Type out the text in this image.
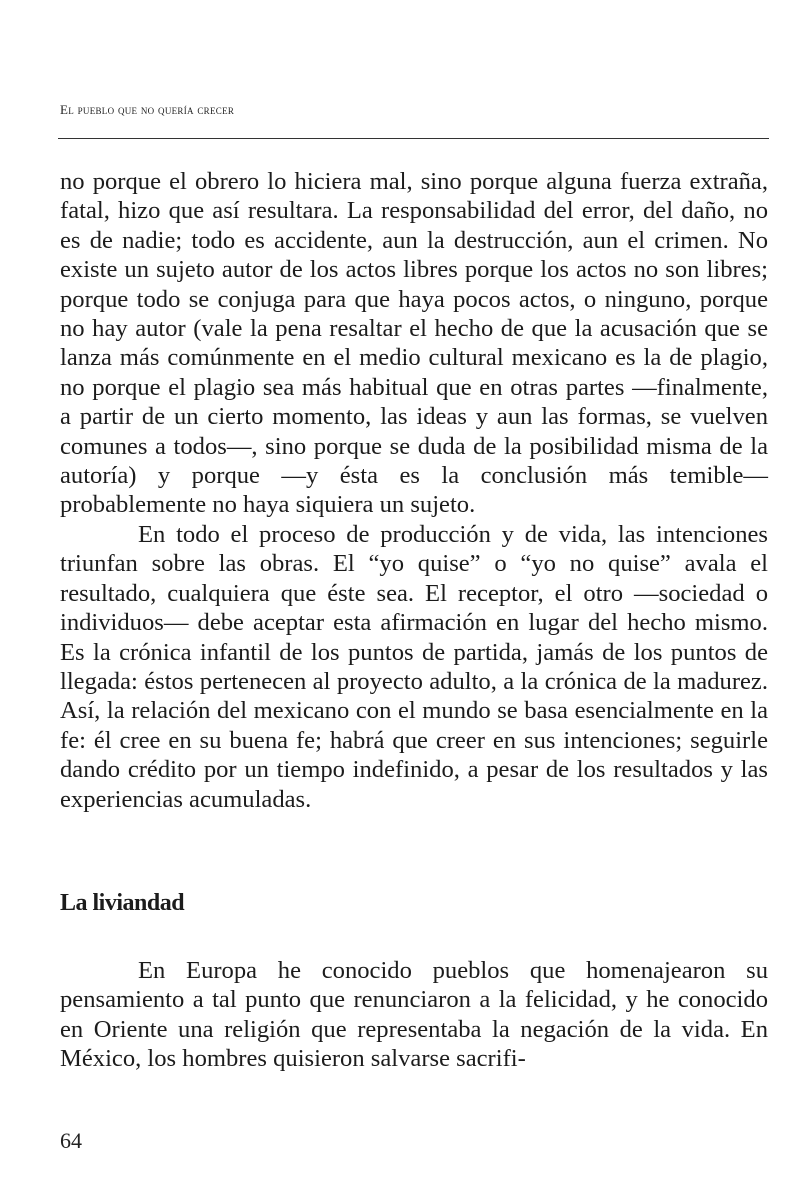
El pueblo que no quería crecer

no porque el obrero lo hiciera mal, sino porque alguna fuerza extraña, fatal, hizo que así resultara. La responsabilidad del error, del daño, no es de nadie; todo es accidente, aun la destrucción, aun el crimen. No existe un sujeto autor de los actos libres porque los actos no son libres; porque todo se conjuga para que haya pocos actos, o ninguno, porque no hay autor (vale la pena resaltar el hecho de que la acusación que se lanza más comúnmente en el medio cultural mexicano es la de plagio, no porque el plagio sea más habitual que en otras partes —finalmente, a partir de un cierto momento, las ideas y aun las formas, se vuelven comunes a todos—, sino porque se duda de la posibilidad misma de la autoría) y porque —y ésta es la conclusión más temible— probablemente no haya siquiera un sujeto.

En todo el proceso de producción y de vida, las intenciones triunfan sobre las obras. El “yo quise” o “yo no quise” avala el resultado, cualquiera que éste sea. El receptor, el otro —sociedad o individuos— debe aceptar esta afirmación en lugar del hecho mismo. Es la crónica infantil de los puntos de partida, jamás de los puntos de llegada: éstos pertenecen al proyecto adulto, a la crónica de la madurez. Así, la relación del mexicano con el mundo se basa esencialmente en la fe: él cree en su buena fe; habrá que creer en sus intenciones; seguirle dando crédito por un tiempo indefinido, a pesar de los resultados y las experiencias acumuladas.

La liviandad

En Europa he conocido pueblos que homenajearon su pensamiento a tal punto que renunciaron a la felicidad, y he conocido en Oriente una religión que representaba la negación de la vida. En México, los hombres quisieron salvarse sacrifi-

64
